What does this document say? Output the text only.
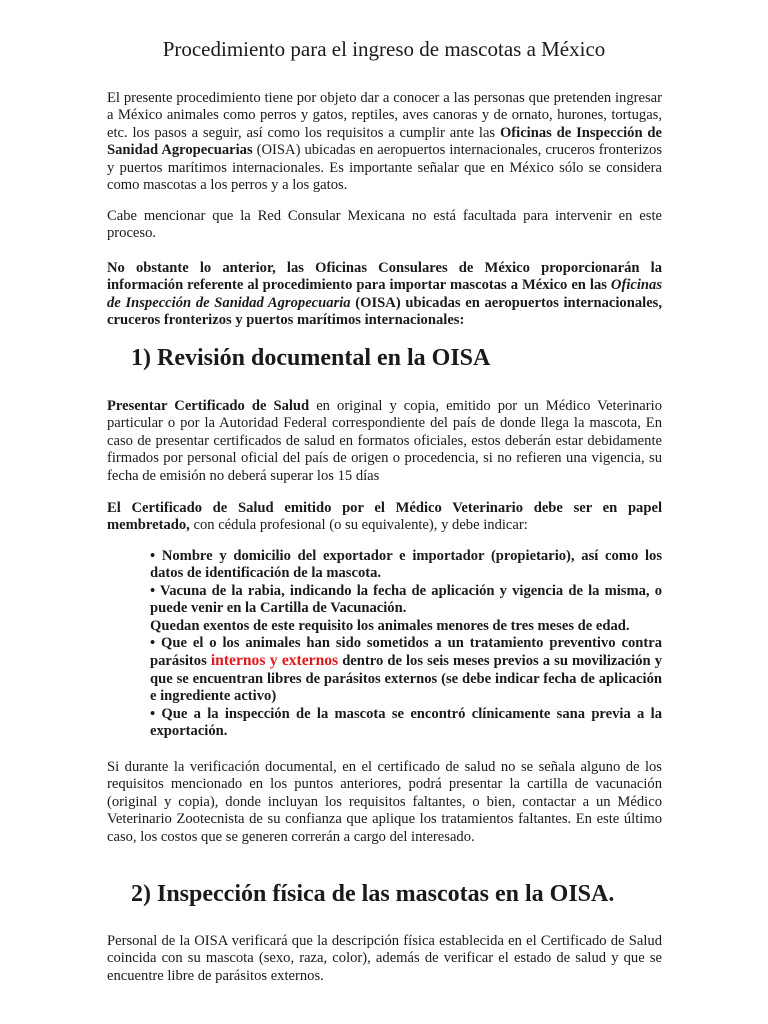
Procedimiento para el ingreso de mascotas a México

El presente procedimiento tiene por objeto dar a conocer a las personas que pretenden ingresar a México animales como perros y gatos, reptiles, aves canoras y de ornato, hurones, tortugas, etc. los pasos a seguir, así como los requisitos a cumplir ante las Oficinas de Inspección de Sanidad Agropecuarias (OISA) ubicadas en aeropuertos internacionales, cruceros fronterizos y puertos marítimos internacionales. Es importante señalar que en México sólo se considera como mascotas a los perros y a los gatos.

Cabe mencionar que la Red Consular Mexicana no está facultada para intervenir en este proceso.

No obstante lo anterior, las Oficinas Consulares de México proporcionarán la información referente al procedimiento para importar mascotas a México en las Oficinas de Inspección de Sanidad Agropecuaria (OISA) ubicadas en aeropuertos internacionales, cruceros fronterizos y puertos marítimos internacionales:

1) Revisión documental en la OISA

Presentar Certificado de Salud en original y copia, emitido por un Médico Veterinario particular o por la Autoridad Federal correspondiente del país de donde llega la mascota, En caso de presentar certificados de salud en formatos oficiales, estos deberán estar debidamente firmados por personal oficial del país de origen o procedencia, si no refieren una vigencia, su fecha de emisión no deberá superar los 15 días

El Certificado de Salud emitido por el Médico Veterinario debe ser en papel membretado, con cédula profesional (o su equivalente), y debe indicar:

• Nombre y domicilio del exportador e importador (propietario), así como los datos de identificación de la mascota.
• Vacuna de la rabia, indicando la fecha de aplicación y vigencia de la misma, o puede venir en la Cartilla de Vacunación.
Quedan exentos de este requisito los animales menores de tres meses de edad.
• Que el o los animales han sido sometidos a un tratamiento preventivo contra parásitos internos y externos dentro de los seis meses previos a su movilización y que se encuentran libres de parásitos externos (se debe indicar fecha de aplicación e ingrediente activo)
• Que a la inspección de la mascota se encontró clínicamente sana previa a la exportación.

Si durante la verificación documental, en el certificado de salud no se señala alguno de los requisitos mencionado en los puntos anteriores, podrá presentar la cartilla de vacunación (original y copia), donde incluyan los requisitos faltantes, o bien, contactar a un Médico Veterinario Zootecnista de su confianza que aplique los tratamientos faltantes. En este último caso, los costos que se generen correrán a cargo del interesado.

2) Inspección física de las mascotas en la OISA.

Personal de la OISA verificará que la descripción física establecida en el Certificado de Salud coincida con su mascota (sexo, raza, color), además de verificar el estado de salud y que se encuentre libre de parásitos externos.
